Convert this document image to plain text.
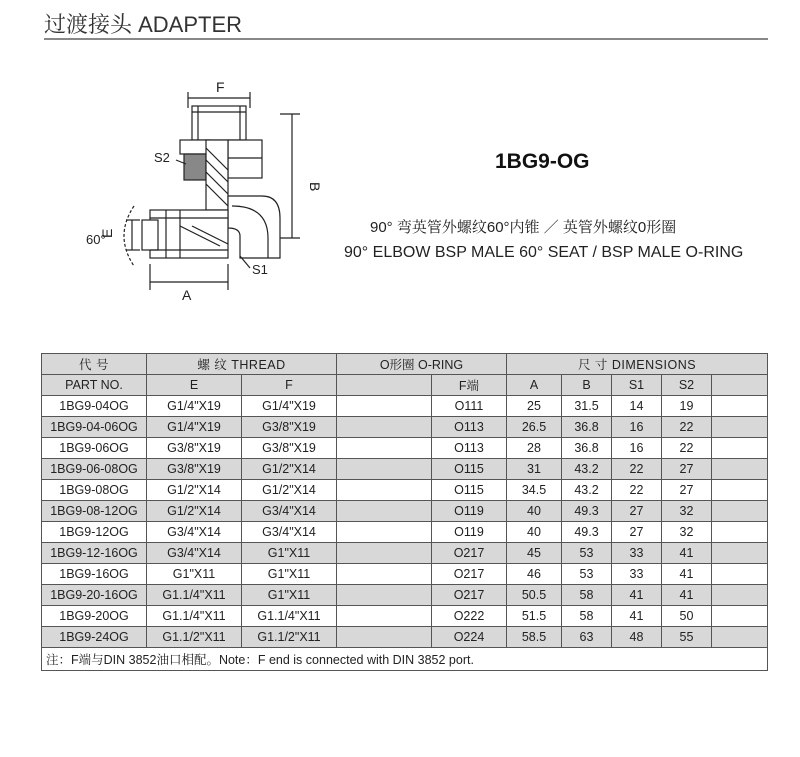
过渡接头 ADAPTER
F
B
S2
S1
E
A
60°
1BG9-OG
90° 弯英管外螺纹60°内锥 ／ 英管外螺纹0形圈
90° ELBOW BSP MALE 60° SEAT / BSP MALE O-RING
代 号	螺 纹 THREAD		O形圈 O-RING		尺 寸 DIMENSIONS				
PART NO.	E	F		F端	A	B	S1	S2	
1BG9-04OG	G1/4"X19	G1/4"X19		O111	25	31.5	14	19	
1BG9-04-06OG	G1/4"X19	G3/8"X19		O113	26.5	36.8	16	22	
1BG9-06OG	G3/8"X19	G3/8"X19		O113	28	36.8	16	22	
1BG9-06-08OG	G3/8"X19	G1/2"X14		O115	31	43.2	22	27	
1BG9-08OG	G1/2"X14	G1/2"X14		O115	34.5	43.2	22	27	
1BG9-08-12OG	G1/2"X14	G3/4"X14		O119	40	49.3	27	32	
1BG9-12OG	G3/4"X14	G3/4"X14		O119	40	49.3	27	32	
1BG9-12-16OG	G3/4"X14	G1"X11		O217	45	53	33	41	
1BG9-16OG	G1"X11	G1"X11		O217	46	53	33	41	
1BG9-20-16OG	G1.1/4"X11	G1"X11		O217	50.5	58	41	41	
1BG9-20OG	G1.1/4"X11	G1.1/4"X11		O222	51.5	58	41	50	
1BG9-24OG	G1.1/2"X11	G1.1/2"X11		O224	58.5	63	48	55	
注：F端与DIN 3852油口相配。Note：F end is connected with DIN 3852 port.									
